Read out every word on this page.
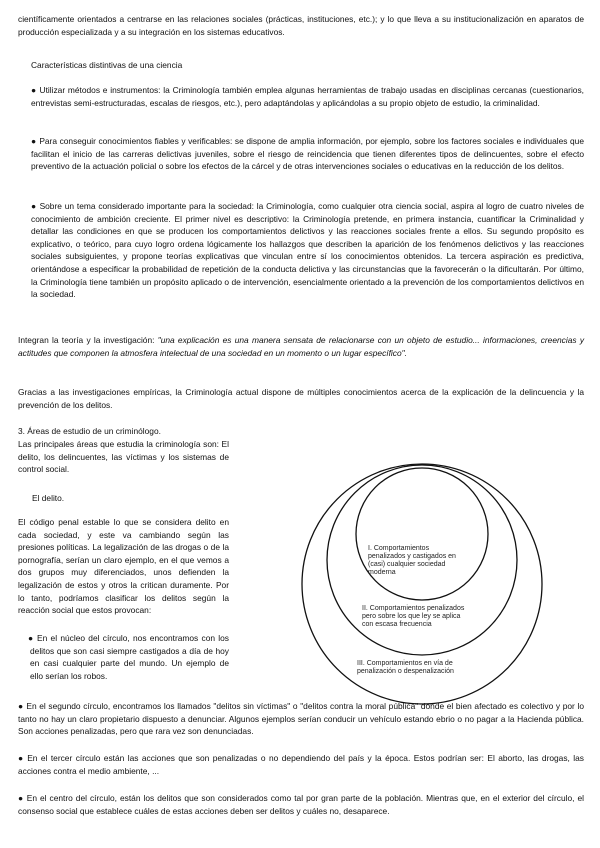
científicamente orientados a centrarse en las relaciones sociales (prácticas, instituciones, etc.); y lo que lleva a su institucionalización en aparatos de producción especializada y a su integración en los sistemas educativos.

Características distintivas de una ciencia

● Utilizar métodos e instrumentos: la Criminología también emplea algunas herramientas de trabajo usadas en disciplinas cercanas (cuestionarios, entrevistas semi-estructuradas, escalas de riesgos, etc.), pero adaptándolas y aplicándolas a su propio objeto de estudio, la criminalidad.

● Para conseguir conocimientos fiables y verificables: se dispone de amplia información, por ejemplo, sobre los factores sociales e individuales que facilitan el inicio de las carreras delictivas juveniles, sobre el riesgo de reincidencia que tienen diferentes tipos de delincuentes, sobre el efecto preventivo de la actuación policial o sobre los efectos de la cárcel y de otras intervenciones sociales o educativas en la reducción de los delitos.

● Sobre un tema considerado importante para la sociedad: la Criminología, como cualquier otra ciencia social, aspira al logro de cuatro niveles de conocimiento de ambición creciente. El primer nivel es descriptivo: la Criminología pretende, en primera instancia, cuantificar la Criminalidad y detallar las condiciones en que se producen los comportamientos delictivos y las reacciones sociales frente a ellos. Su segundo propósito es explicativo, o teórico, para cuyo logro ordena lógicamente los hallazgos que describen la aparición de los fenómenos delictivos y las reacciones sociales subsiguientes, y propone teorías explicativas que vinculan entre sí los conocimientos obtenidos. La tercera aspiración es predictiva, orientándose a especificar la probabilidad de repetición de la conducta delictiva y las circunstancias que la favorecerán o la dificultarán. Por último, la Criminología tiene también un propósito aplicado o de intervención, esencialmente orientado a la prevención de los comportamientos delictivos en la sociedad.

Integran la teoría y la investigación: "una explicación es una manera sensata de relacionarse con un objeto de estudio... informaciones, creencias y actitudes que componen la atmosfera intelectual de una sociedad en un momento o un lugar específico".

Gracias a las investigaciones empíricas, la Criminología actual dispone de múltiples conocimientos acerca de la explicación de la delincuencia y la prevención de los delitos.

3. Áreas de estudio de un criminólogo.

Las principales áreas que estudia la criminología son: El delito, los delincuentes, las víctimas y los sistemas de control social.

El delito.

El código penal estable lo que se considera delito en cada sociedad, y este va cambiando según las presiones políticas. La legalización de las drogas o de la pornografía, serían un claro ejemplo, en el que vemos a dos grupos muy diferenciados, unos defienden la legalización de estos y otros la critican duramente. Por lo tanto, podríamos clasificar los delitos según la reacción social que estos provocan:

● En el núcleo del círculo, nos encontramos con los delitos que son casi siempre castigados a día de hoy en casi cualquier parte del mundo. Un ejemplo de ello serían los robos.

● En el segundo círculo, encontramos los llamados "delitos sin víctimas" o "delitos contra la moral pública" donde el bien afectado es colectivo y por lo tanto no hay un claro propietario dispuesto a denunciar. Algunos ejemplos serían conducir un vehículo estando ebrio o no pagar a la Hacienda pública. Son acciones penalizadas, pero que rara vez son denunciadas.

● En el tercer círculo están las acciones que son penalizadas o no dependiendo del país y la época. Estos podrían ser: El aborto, las drogas, las acciones contra el medio ambiente, ...

● En el centro del círculo, están los delitos que son considerados como tal por gran parte de la población. Mientras que, en el exterior del círculo, el consenso social que establece cuáles de estas acciones deben ser delitos y cuáles no, desaparece.

I. Comportamientos
penalizados y castigados en
(casi) cualquier sociedad
moderna
II. Comportamientos penalizados
pero sobre los que ley se aplica
con escasa frecuencia
III. Comportamientos en vía de
penalización o despenalización
